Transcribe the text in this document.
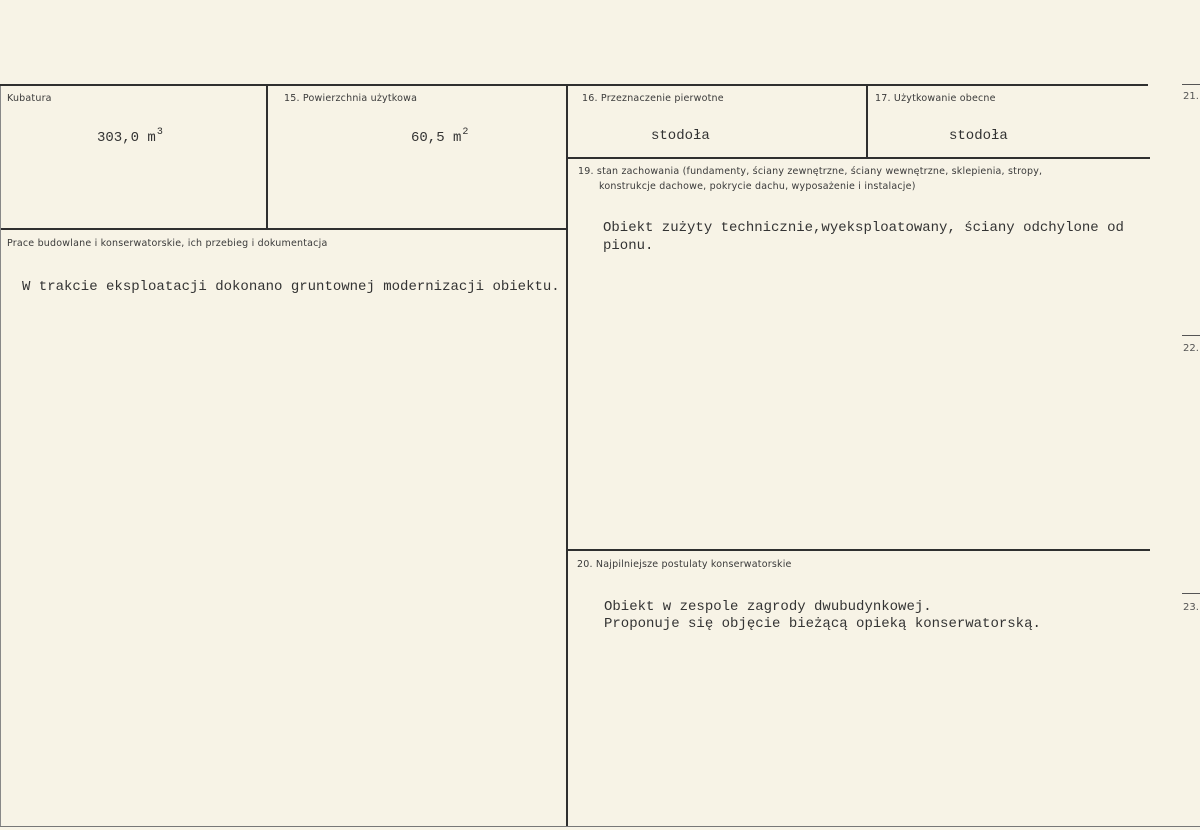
21.
22.
23.
Kubatura
303,0 $m^3$
15. Powierzchnia użytkowa
60,5 $m^2$
16. Przeznaczenie pierwotne
stodoła
17. Użytkowanie obecne
stodoła
Prace budowlane i konserwatorskie, ich przebieg i dokumentacja
W trakcie eksploatacji dokonano gruntownej modernizacji obiektu.
19. stan zachowania (fundamenty, ściany zewnętrzne, ściany wewnętrzne, sklepienia, stropy,
konstrukcje dachowe, pokrycie dachu, wyposażenie i instalacje)
Obiekt zużyty technicznie,wyeksploatowany, ściany odchylone od
pionu.
20. Najpilniejsze postulaty konserwatorskie
Obiekt w zespole zagrody dwubudynkowej.
Proponuje się objęcie bieżącą opieką konserwatorską.
